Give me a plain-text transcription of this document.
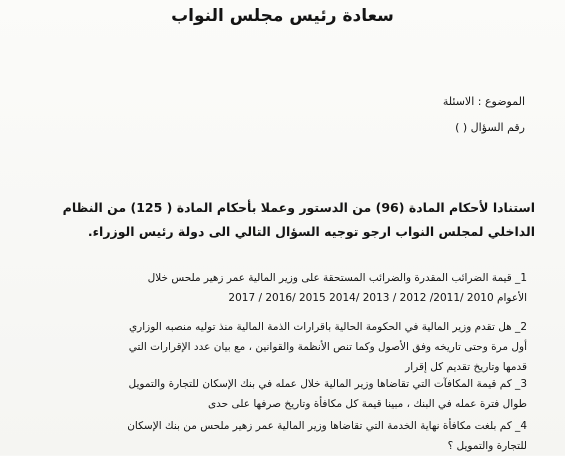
سعادة رئيس مجلس النواب
الموضوع : الاسئلة
رقم السؤال ( )
استنادا لأحكام المادة (96) من الدستور وعملا بأحكام المادة ( 125) من النظام
الداخلي لمجلس النواب ارجو توجيه السؤال التالي الى دولة رئيس الوزراء.
1_ قيمة الضرائب المقدرة والضرائب المستحقة على وزير المالية عمر زهير ملحس خلال
الأعوام 2010 /2011/ 2012 / 2013 /2014 2015 /2016 / 2017
2_ هل تقدم وزير المالية في الحكومة الحالية باقرارات الذمة المالية منذ توليه منصبه الوزاري
أول مرة وحتى تاريخه وفق الأصول وكما تنص الأنظمة والقوانين ، مع بيان عدد الإقرارات التي
قدمها وتاريخ تقديم كل إقرار
3_ كم قيمة المكافآت التي تقاضاها وزير المالية خلال عمله في بنك الإسكان للتجارة والتمويل
طوال فترة عمله في البنك ، مبينا قيمة كل مكافأة وتاريخ صرفها على حدى
4_ كم بلغت مكافأة نهاية الخدمة التي تقاضاها وزير المالية عمر زهير ملحس من بنك الإسكان
للتجارة والتمويل ؟
